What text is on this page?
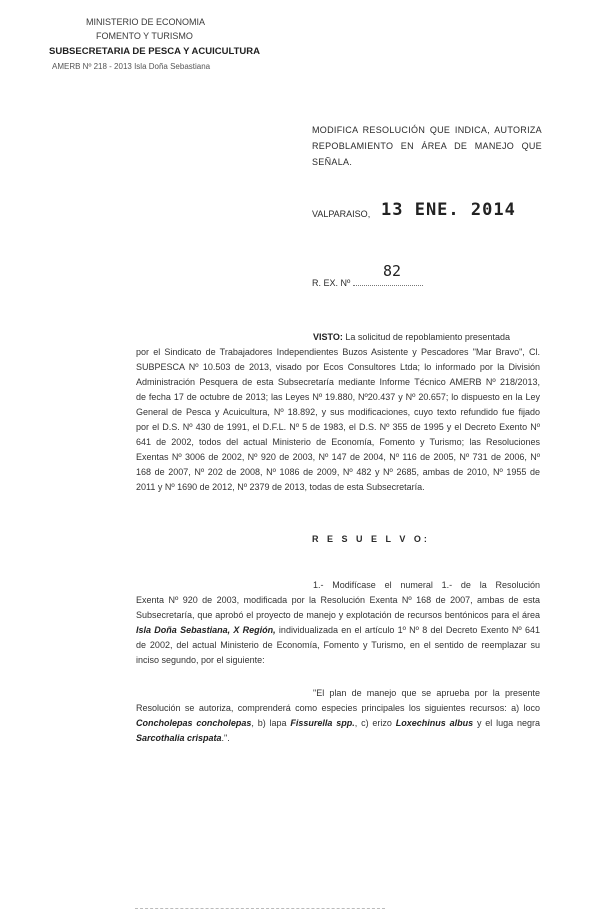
MINISTERIO DE ECONOMIA
FOMENTO Y TURISMO
SUBSECRETARIA DE PESCA Y ACUICULTURA
AMERB Nº 218 - 2013 Isla Doña Sebastiana
MODIFICA RESOLUCIÓN QUE INDICA, AUTORIZA
REPOBLAMIENTO EN ÁREA DE MANEJO QUE
SEÑALA.
VALPARAISO, 13 ENE. 2014
R. EX. Nº
82
VISTO: La solicitud de repoblamiento presentada
por el Sindicato de Trabajadores Independientes Buzos Asistente y Pescadores "Mar Bravo", Cl.
SUBPESCA Nº 10.503 de 2013, visado por Ecos Consultores Ltda; lo informado por la División
Administración Pesquera de esta Subsecretaría mediante Informe Técnico AMERB Nº 218/2013,
de fecha 17 de octubre de 2013; las Leyes Nº 19.880, Nº20.437 y Nº 20.657; lo dispuesto en la Ley
General de Pesca y Acuicultura, Nº 18.892, y sus modificaciones, cuyo texto refundido fue fijado
por el D.S. Nº 430 de 1991, el D.F.L. Nº 5 de 1983, el D.S. Nº 355 de 1995 y el Decreto Exento Nº
641 de 2002, todos del actual Ministerio de Economía, Fomento y Turismo; las Resoluciones
Exentas Nº 3006 de 2002, Nº 920 de 2003, Nº 147 de 2004, Nº 116 de 2005, Nº 731 de 2006, Nº
168 de 2007, Nº 202 de 2008, Nº 1086 de 2009, Nº 482 y Nº 2685, ambas de 2010, Nº 1955 de
2011 y Nº 1690 de 2012, Nº 2379 de 2013, todas de esta Subsecretaría.
R E S U E L V O:
1.- Modifícase el numeral 1.- de la Resolución
Exenta Nº 920 de 2003, modificada por la Resolución Exenta Nº 168 de 2007, ambas de esta
Subsecretaría, que aprobó el proyecto de manejo y explotación de recursos bentónicos para el área
Isla Doña Sebastiana, X Región, individualizada en el artículo 1º Nº 8 del Decreto Exento Nº 641
de 2002, del actual Ministerio de Economía, Fomento y Turismo, en el sentido de reemplazar su
inciso segundo, por el siguiente:
"El plan de manejo que se aprueba por la presente
Resolución se autoriza, comprenderá como especies principales los siguientes recursos: a) loco
Concholepas concholepas, b) lapa Fissurella spp., c) erizo Loxechinus albus y el luga negra
Sarcothalia crispata.".
